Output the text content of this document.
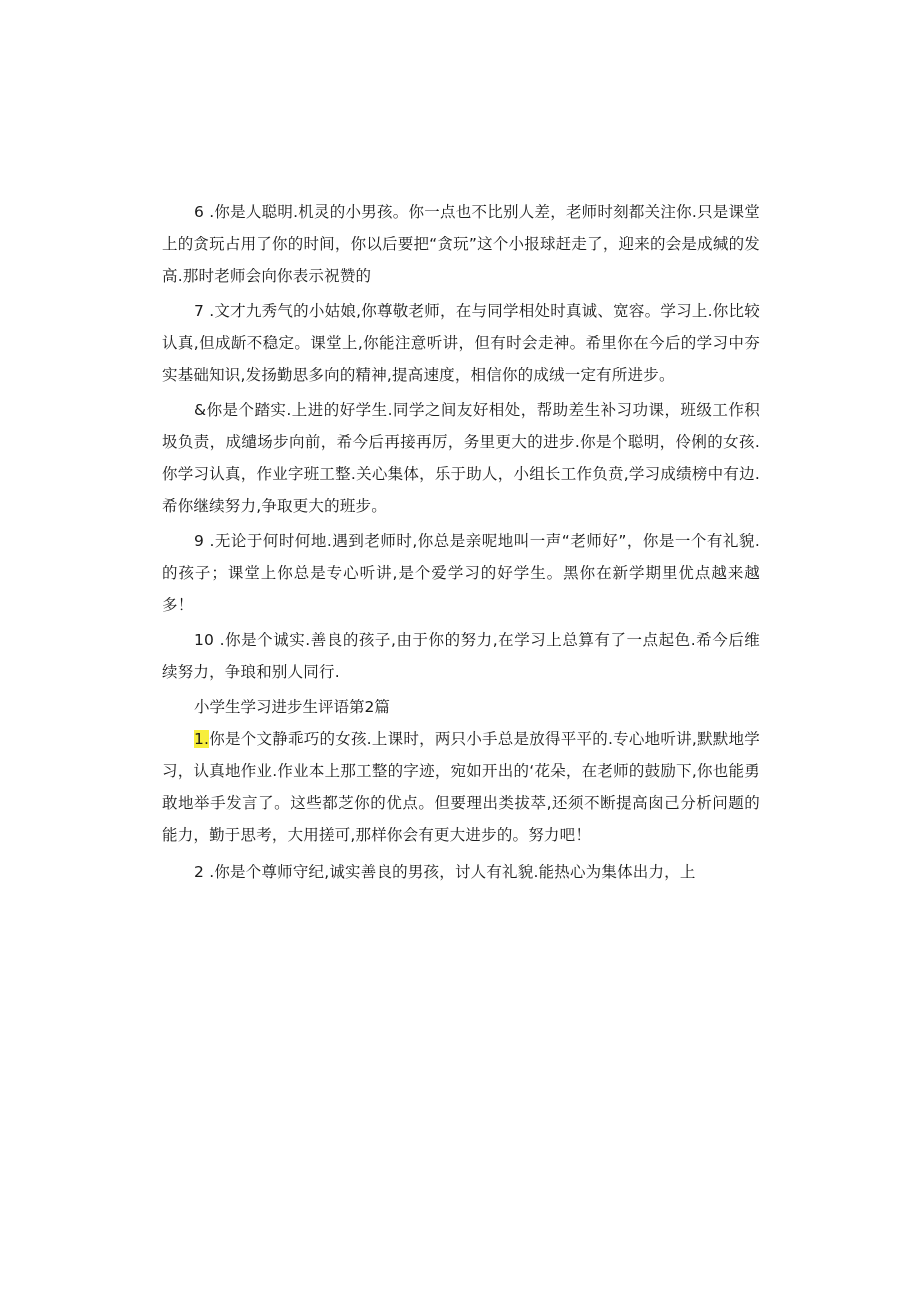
6 .你是人聪明.机灵的小男孩。你一点也不比别人差，老师时刻都关注你.只是课堂上的贪玩占用了你的时间，你以后要把“贪玩”这个小报球赶走了，迎来的会是成缄的发高.那时老师会向你表示祝赞的

7 .文才九秀气的小姑娘,你尊敬老师，在与同学相处时真诚、宽容。学习上.你比较认真,但成龂不稳定。课堂上,你能注意听讲，但有时会走神。希里你在今后的学习中夯实基础知识,发扬勤思多向的精神,提高速度，相信你的成绒一定有所进步。

&你是个踏实.上进的好学生.同学之间友好相处，帮助差生补习功课，班级工作积圾负责，成缱场步向前，希今后再接再厉，务里更大的进步.你是个聪明，伶俐的女孩.你学习认真，作业字班工整.关心集体，乐于助人，小组长工作负贲,学习成绩榜中有边.希你继续努力,争取更大的班步。

9 .无论于何时何地.遇到老师时,你总是亲呢地叫一声“老师好”，你是一个有礼貌.的孩子；课堂上你总是专心听讲,是个爱学习的好学生。黑你在新学期里优点越来越多！

10 .你是个诚实.善良的孩子,由于你的努力,在学习上总算有了一点起色.希今后维续努力，争琅和别人同行.

小学生学习进步生评语第2篇

1.你是个文静乖巧的女孩.上课时，两只小手总是放得平平的.专心地听讲,默默地学习，认真地作业.作业本上那工整的字迹，宛如开出的‘花朵，在老师的鼓励下,你也能勇敢地举手发言了。这些都芝你的优点。但要理出类拔萃,还须不断提高囱己分析问题的能力，勤于思考，大用搓可,那样你会有更大进步的。努力吧！

2 .你是个尊师守纪,诚实善良的男孩，讨人有礼貌.能热心为集体出力，上
